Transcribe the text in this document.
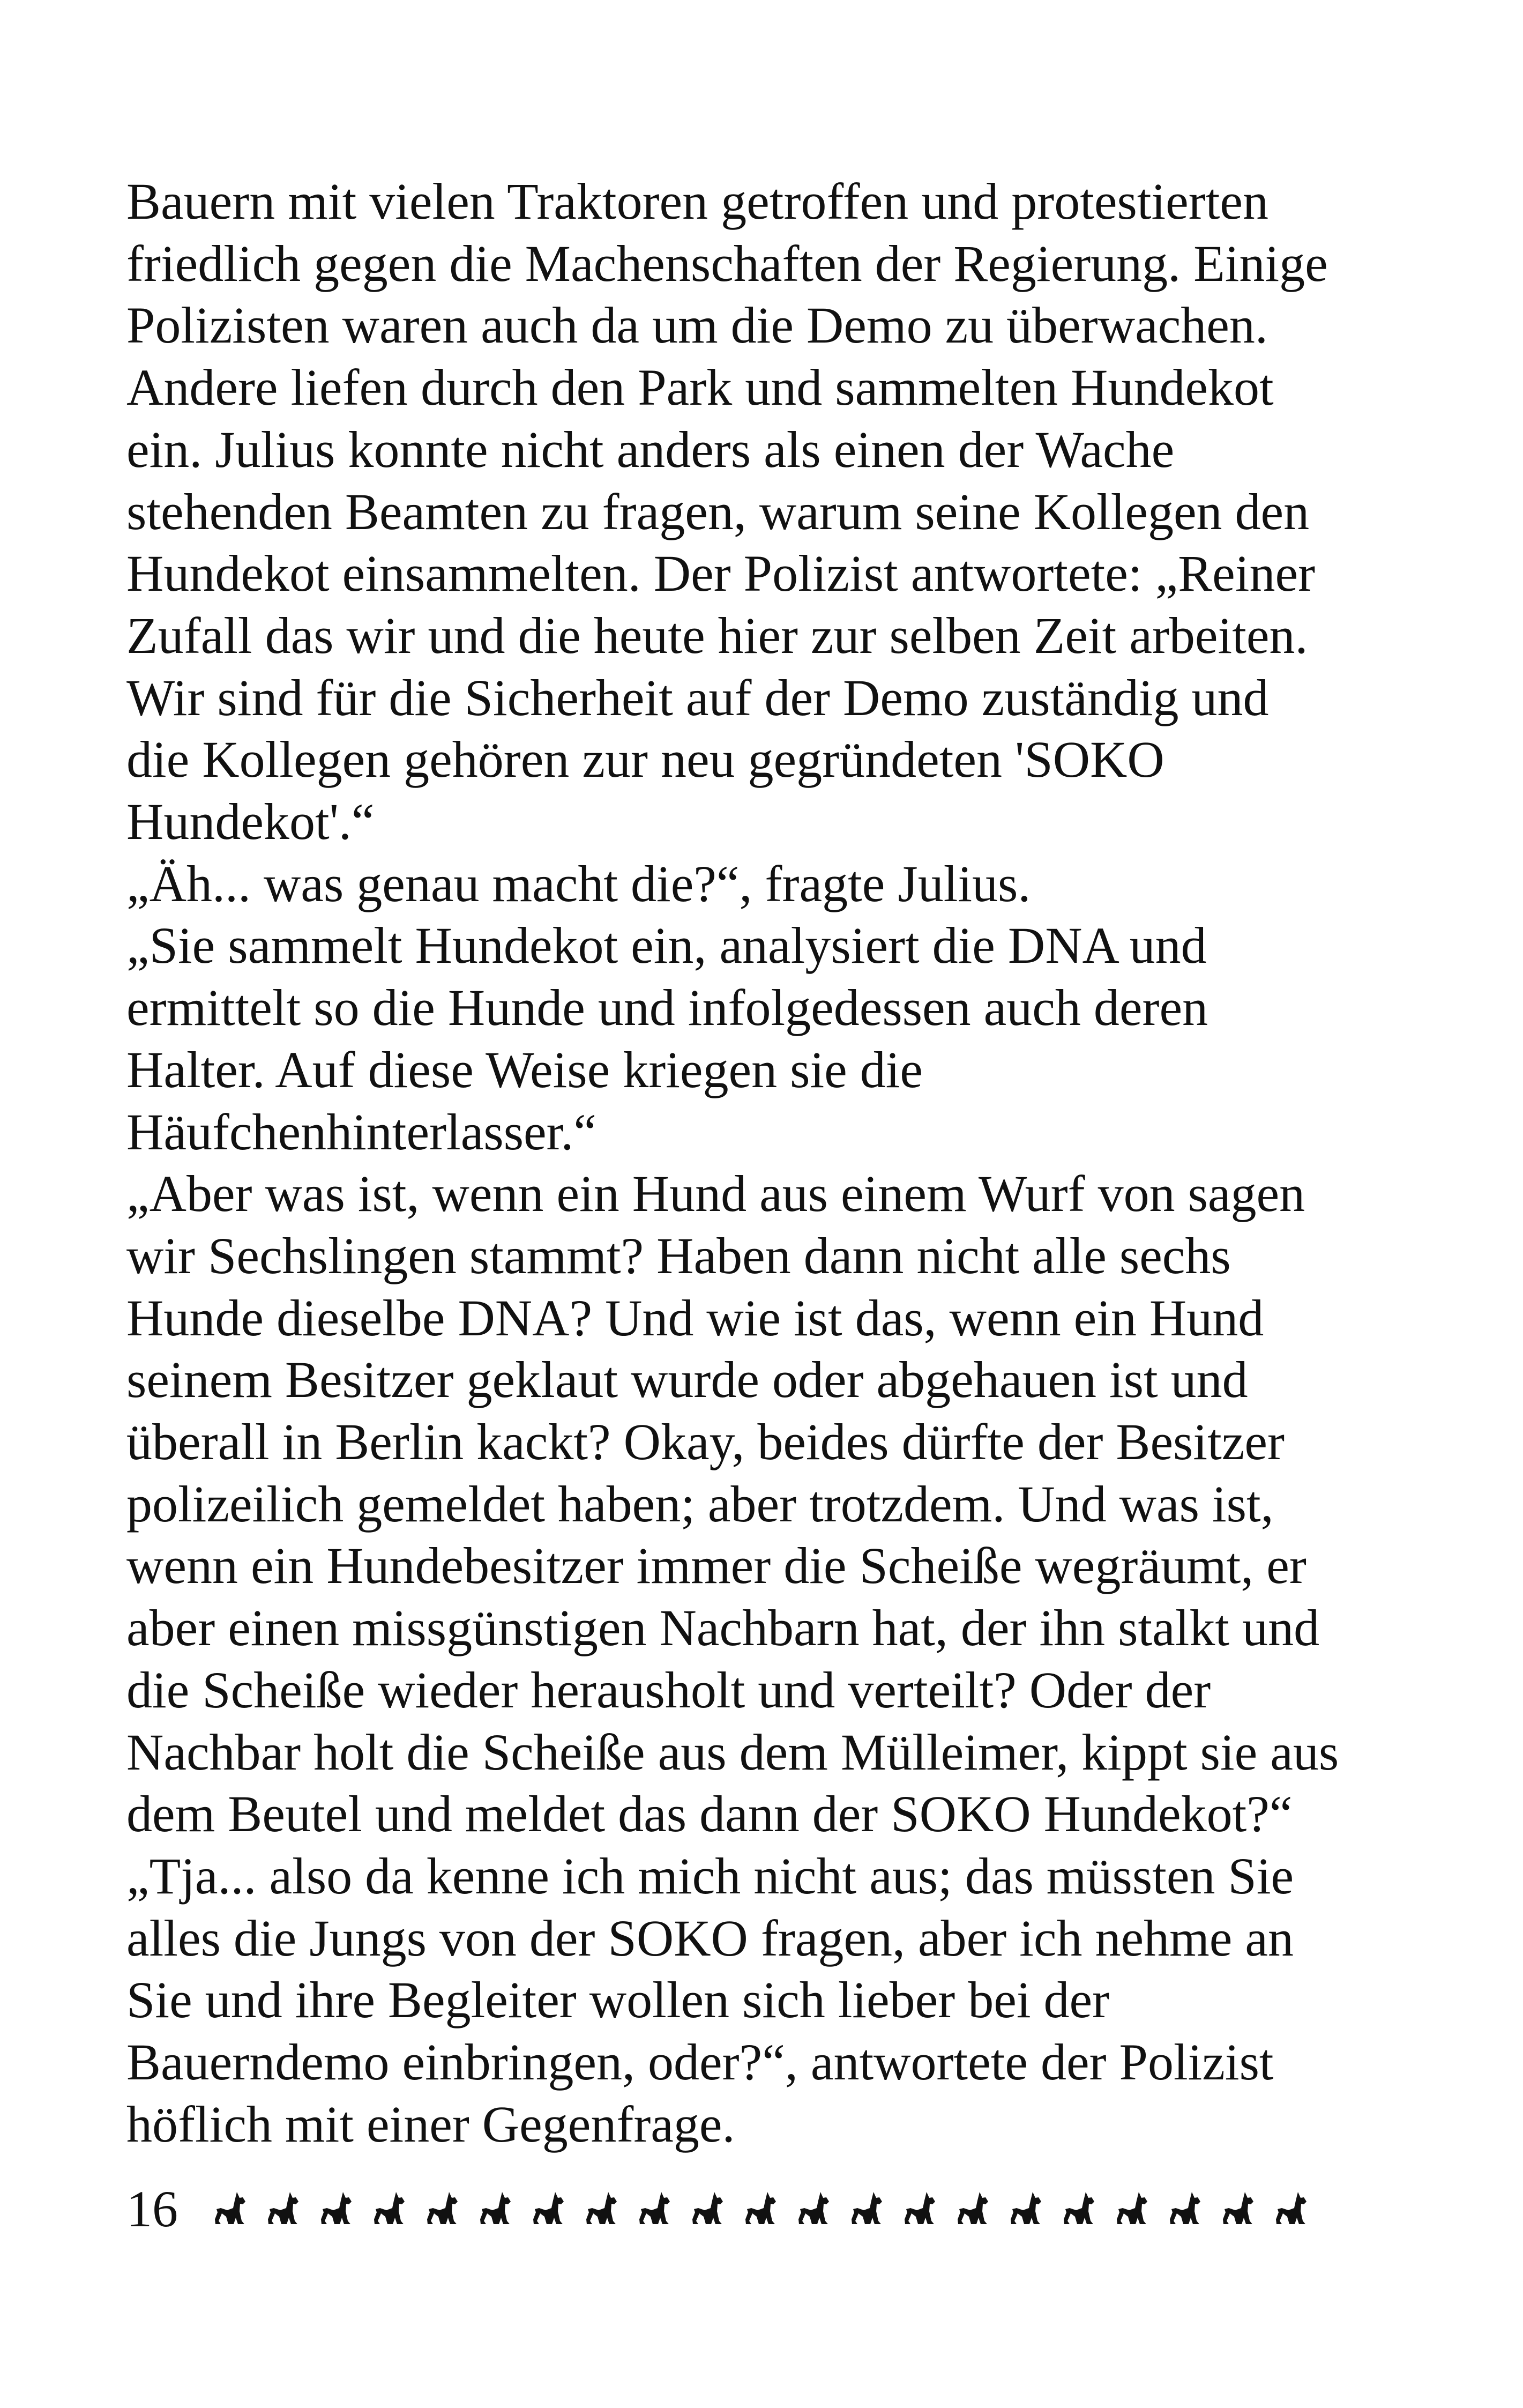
Bauern mit vielen Traktoren getroffen und protestierten
friedlich gegen die Machenschaften der Regierung. Einige
Polizisten waren auch da um die Demo zu überwachen.
Andere liefen durch den Park und sammelten Hundekot
ein. Julius konnte nicht anders als einen der Wache
stehenden Beamten zu fragen, warum seine Kollegen den
Hundekot einsammelten. Der Polizist antwortete: „Reiner
Zufall das wir und die heute hier zur selben Zeit arbeiten.
Wir sind für die Sicherheit auf der Demo zuständig und
die Kollegen gehören zur neu gegründeten 'SOKO
Hundekot'.“
„Äh... was genau macht die?“, fragte Julius.
„Sie sammelt Hundekot ein, analysiert die DNA und
ermittelt so die Hunde und infolgedessen auch deren
Halter. Auf diese Weise kriegen sie die
Häufchenhinterlasser.“
„Aber was ist, wenn ein Hund aus einem Wurf von sagen
wir Sechslingen stammt? Haben dann nicht alle sechs
Hunde dieselbe DNA? Und wie ist das, wenn ein Hund
seinem Besitzer geklaut wurde oder abgehauen ist und
überall in Berlin kackt? Okay, beides dürfte der Besitzer
polizeilich gemeldet haben; aber trotzdem. Und was ist,
wenn ein Hundebesitzer immer die Scheiße wegräumt, er
aber einen missgünstigen Nachbarn hat, der ihn stalkt und
die Scheiße wieder herausholt und verteilt? Oder der
Nachbar holt die Scheiße aus dem Mülleimer, kippt sie aus
dem Beutel und meldet das dann der SOKO Hundekot?“
„Tja... also da kenne ich mich nicht aus; das müssten Sie
alles die Jungs von der SOKO fragen, aber ich nehme an
Sie und ihre Begleiter wollen sich lieber bei der
Bauerndemo einbringen, oder?“, antwortete der Polizist
höflich mit einer Gegenfrage.
16
